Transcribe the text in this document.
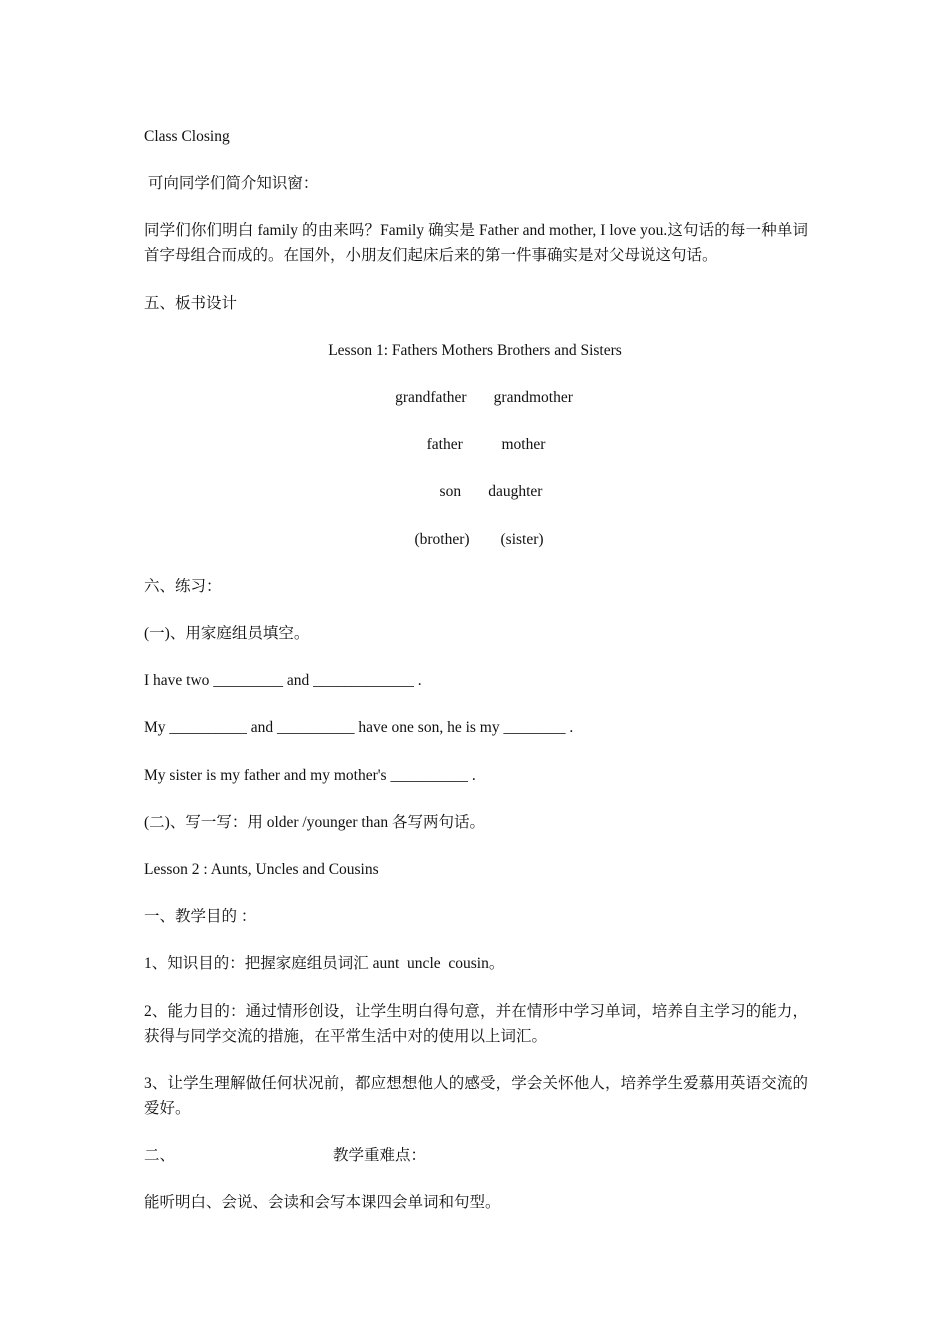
Class Closing

可向同学们简介知识窗：

同学们你们明白 family 的由来吗？Family 确实是 Father and mother, I love you.这句话的每一种单词首字母组合而成的。在国外，小朋友们起床后来的第一件事确实是对父母说这句话。

五、板书设计

Lesson 1: Fathers Mothers Brothers and Sisters

grandfather       grandmother

father          mother

son       daughter

(brother)        (sister)

六、练习：

(一)、用家庭组员填空。

I have two _________ and _____________ .

My __________ and __________ have one son, he is my ________ .

My sister is my father and my mother's __________ .

(二)、写一写：用 older /younger than 各写两句话。

Lesson 2 : Aunts, Uncles and Cousins

一、教学目的 ：

1、知识目的：把握家庭组员词汇 aunt  uncle  cousin。

2、能力目的：通过情形创设，让学生明白得句意，并在情形中学习单词，培养自主学习的能力，获得与同学交流的措施，在平常生活中对的使用以上词汇。

3、让学生理解做任何状况前，都应想想他人的感受，学会关怀他人，培养学生爱慕用英语交流的爱好。

二、	教学重难点：

能听明白、会说、会读和会写本课四会单词和句型。
